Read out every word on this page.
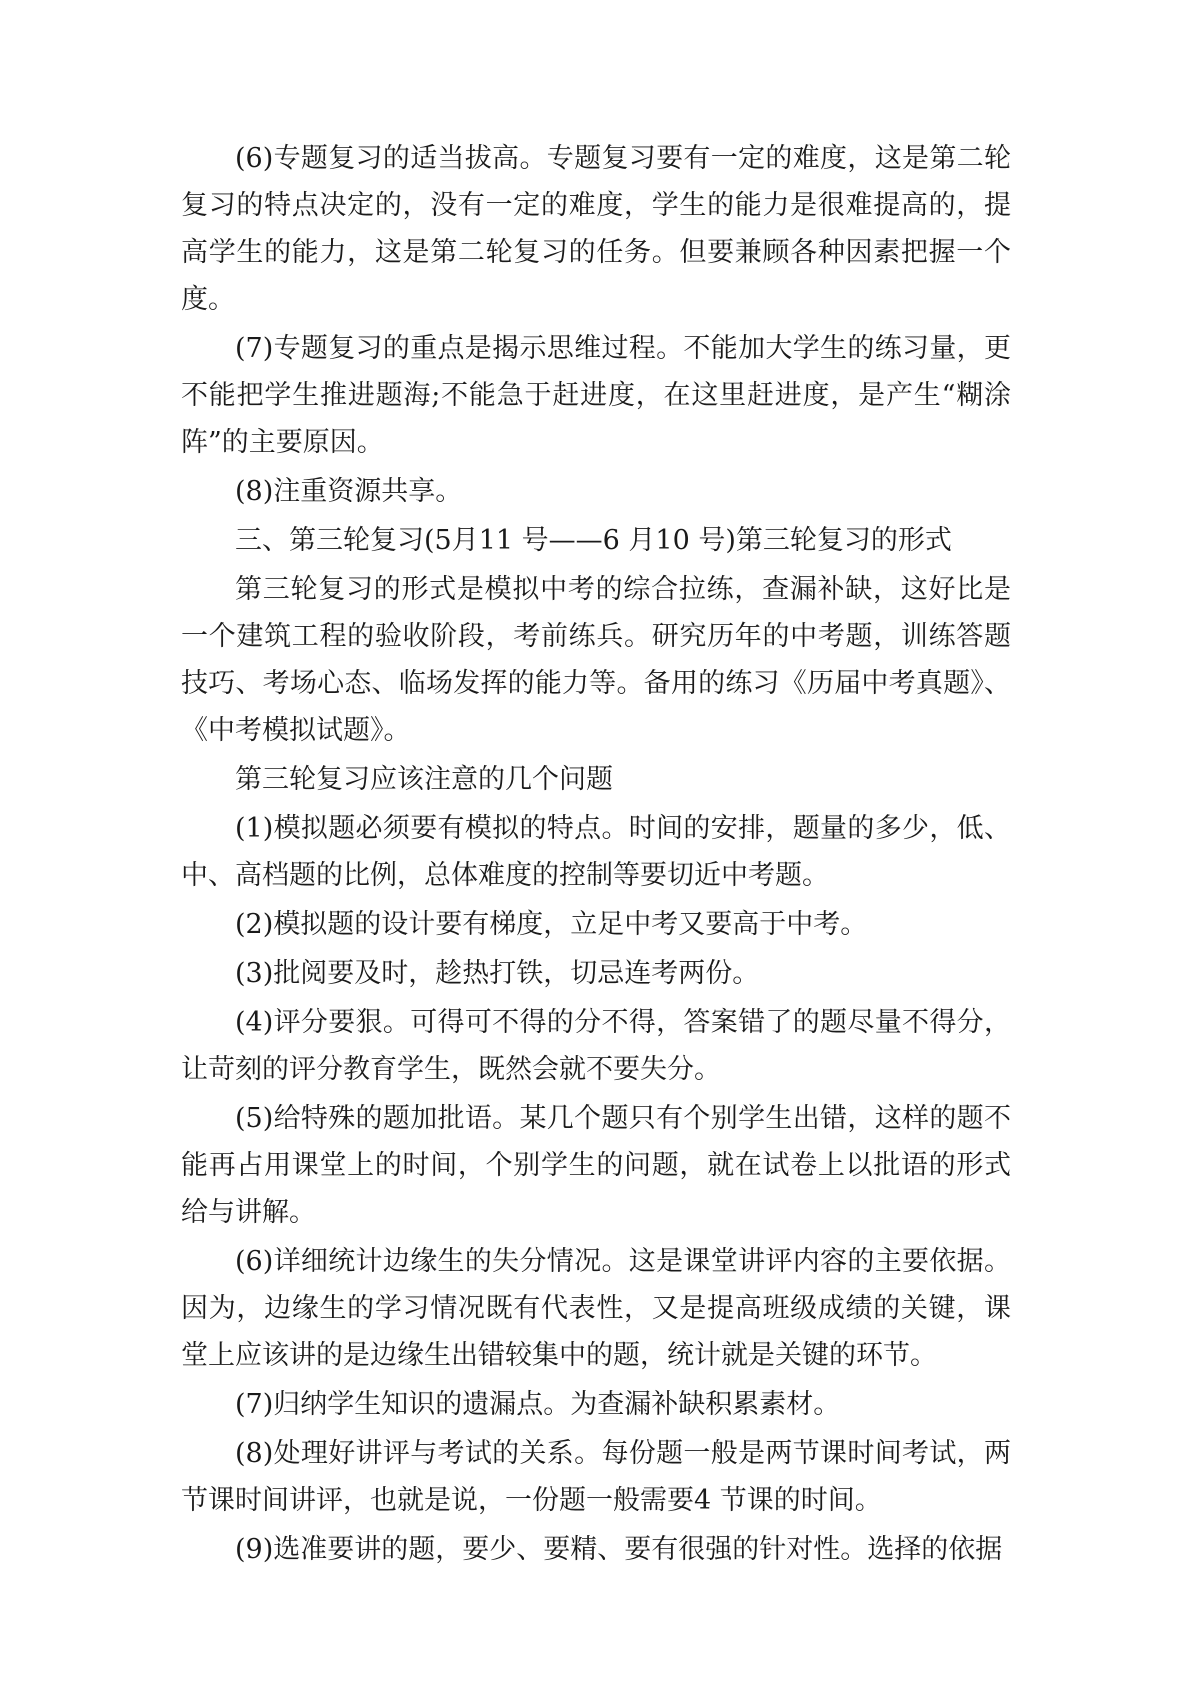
(6)专题复习的适当拔高。专题复习要有一定的难度，这是第二轮复习的特点决定的，没有一定的难度，学生的能力是很难提高的，提高学生的能力，这是第二轮复习的任务。但要兼顾各种因素把握一个度。

(7)专题复习的重点是揭示思维过程。不能加大学生的练习量，更不能把学生推进题海;不能急于赶进度，在这里赶进度，是产生“糊涂阵”的主要原因。

(8)注重资源共享。

三、第三轮复习(5月11 号——6 月10 号)第三轮复习的形式

第三轮复习的形式是模拟中考的综合拉练，查漏补缺，这好比是一个建筑工程的验收阶段，考前练兵。研究历年的中考题，训练答题技巧、考场心态、临场发挥的能力等。备用的练习《历届中考真题》、《中考模拟试题》。

第三轮复习应该注意的几个问题

(1)模拟题必须要有模拟的特点。时间的安排，题量的多少，低、中、高档题的比例，总体难度的控制等要切近中考题。

(2)模拟题的设计要有梯度，立足中考又要高于中考。

(3)批阅要及时，趁热打铁，切忌连考两份。

(4)评分要狠。可得可不得的分不得，答案错了的题尽量不得分，让苛刻的评分教育学生，既然会就不要失分。

(5)给特殊的题加批语。某几个题只有个别学生出错，这样的题不能再占用课堂上的时间，个别学生的问题，就在试卷上以批语的形式给与讲解。

(6)详细统计边缘生的失分情况。这是课堂讲评内容的主要依据。因为，边缘生的学习情况既有代表性，又是提高班级成绩的关键，课堂上应该讲的是边缘生出错较集中的题，统计就是关键的环节。

(7)归纳学生知识的遗漏点。为查漏补缺积累素材。

(8)处理好讲评与考试的关系。每份题一般是两节课时间考试，两节课时间讲评，也就是说，一份题一般需要4 节课的时间。

(9)选准要讲的题，要少、要精、要有很强的针对性。选择的依据
